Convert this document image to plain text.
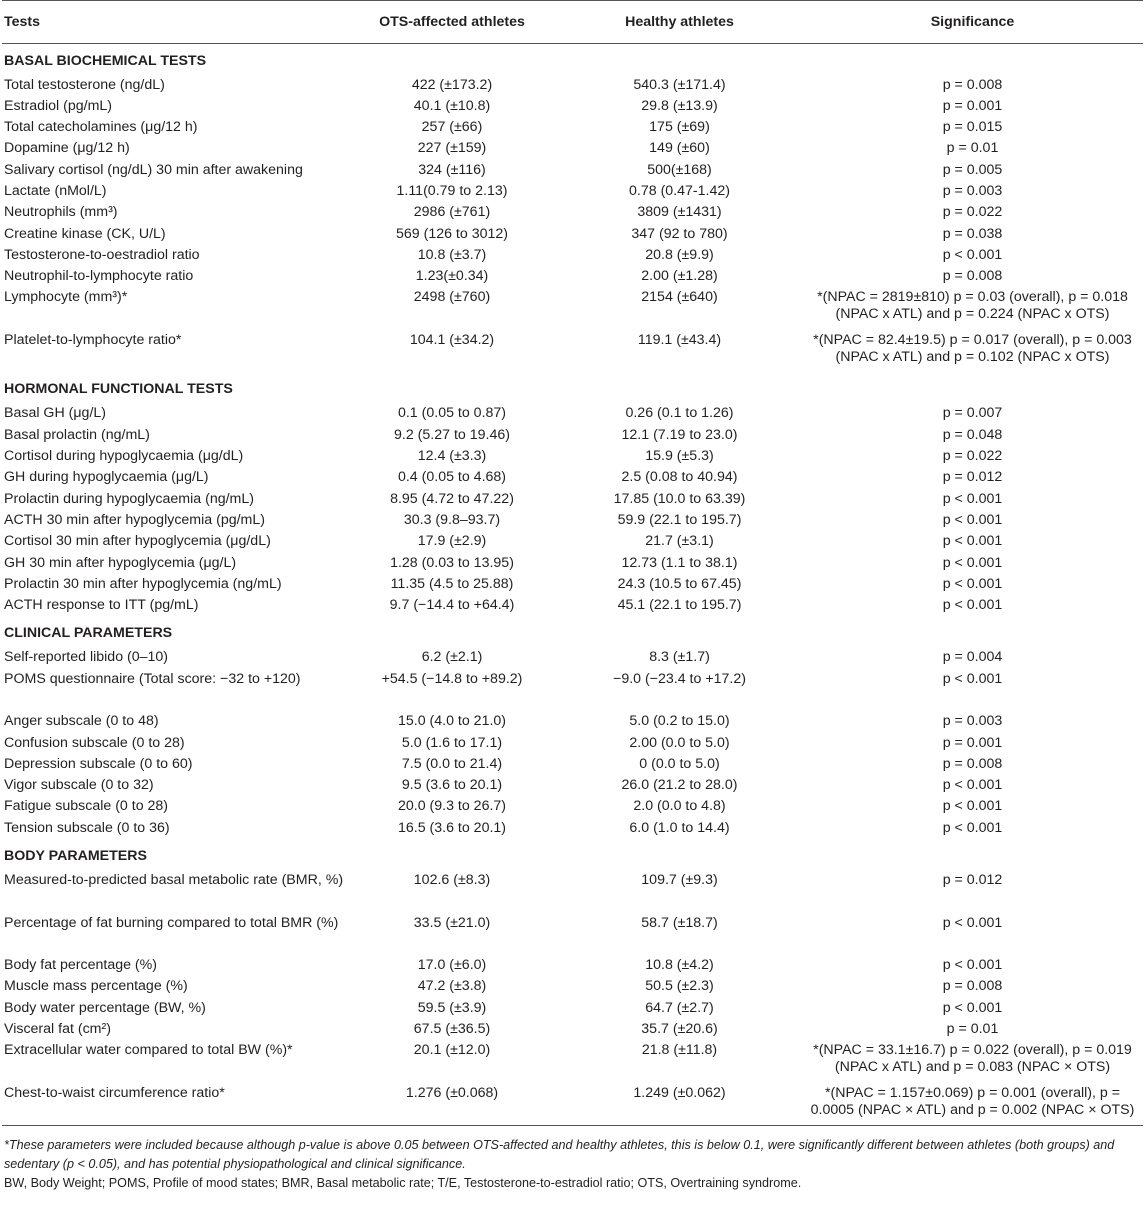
Tests	OTS-affected athletes	Healthy athletes	Significance
BASAL BIOCHEMICAL TESTS			
Total testosterone (ng/dL)	422 (±173.2)	540.3 (±171.4)	p = 0.008
Estradiol (pg/mL)	40.1 (±10.8)	29.8 (±13.9)	p = 0.001
Total catecholamines (μg/12 h)	257 (±66)	175 (±69)	p = 0.015
Dopamine (μg/12 h)	227 (±159)	149 (±60)	p = 0.01
Salivary cortisol (ng/dL) 30 min after awakening	324 (±116)	500(±168)	p = 0.005
Lactate (nMol/L)	1.11(0.79 to 2.13)	0.78 (0.47-1.42)	p = 0.003
Neutrophils (mm³)	2986 (±761)	3809 (±1431)	p = 0.022
Creatine kinase (CK, U/L)	569 (126 to 3012)	347 (92 to 780)	p = 0.038
Testosterone-to-oestradiol ratio	10.8 (±3.7)	20.8 (±9.9)	p < 0.001
Neutrophil-to-lymphocyte ratio	1.23(±0.34)	2.00 (±1.28)	p = 0.008
Lymphocyte (mm³)*	2498 (±760)	2154 (±640)	*(NPAC = 2819±810) p = 0.03 (overall), p = 0.018 (NPAC x ATL) and p = 0.224 (NPAC x OTS)
Platelet-to-lymphocyte ratio*	104.1 (±34.2)	119.1 (±43.4)	*(NPAC = 82.4±19.5) p = 0.017 (overall), p = 0.003 (NPAC x ATL) and p = 0.102 (NPAC x OTS)
HORMONAL FUNCTIONAL TESTS			
Basal GH (μg/L)	0.1 (0.05 to 0.87)	0.26 (0.1 to 1.26)	p = 0.007
Basal prolactin (ng/mL)	9.2 (5.27 to 19.46)	12.1 (7.19 to 23.0)	p = 0.048
Cortisol during hypoglycaemia (μg/dL)	12.4 (±3.3)	15.9 (±5.3)	p = 0.022
GH during hypoglycaemia (μg/L)	0.4 (0.05 to 4.68)	2.5 (0.08 to 40.94)	p = 0.012
Prolactin during hypoglycaemia (ng/mL)	8.95 (4.72 to 47.22)	17.85 (10.0 to 63.39)	p < 0.001
ACTH 30 min after hypoglycemia (pg/mL)	30.3 (9.8–93.7)	59.9 (22.1 to 195.7)	p < 0.001
Cortisol 30 min after hypoglycemia (μg/dL)	17.9 (±2.9)	21.7 (±3.1)	p < 0.001
GH 30 min after hypoglycemia (μg/L)	1.28 (0.03 to 13.95)	12.73 (1.1 to 38.1)	p < 0.001
Prolactin 30 min after hypoglycemia (ng/mL)	11.35 (4.5 to 25.88)	24.3 (10.5 to 67.45)	p < 0.001
ACTH response to ITT (pg/mL)	9.7 (−14.4 to +64.4)	45.1 (22.1 to 195.7)	p < 0.001
CLINICAL PARAMETERS			
Self-reported libido (0–10)	6.2 (±2.1)	8.3 (±1.7)	p = 0.004
POMS questionnaire (Total score: −32 to +120)	+54.5 (−14.8 to +89.2)	−9.0 (−23.4 to +17.2)	p < 0.001
Anger subscale (0 to 48)	15.0 (4.0 to 21.0)	5.0 (0.2 to 15.0)	p = 0.003
Confusion subscale (0 to 28)	5.0 (1.6 to 17.1)	2.00 (0.0 to 5.0)	p = 0.001
Depression subscale (0 to 60)	7.5 (0.0 to 21.4)	0 (0.0 to 5.0)	p = 0.008
Vigor subscale (0 to 32)	9.5 (3.6 to 20.1)	26.0 (21.2 to 28.0)	p < 0.001
Fatigue subscale (0 to 28)	20.0 (9.3 to 26.7)	2.0 (0.0 to 4.8)	p < 0.001
Tension subscale (0 to 36)	16.5 (3.6 to 20.1)	6.0 (1.0 to 14.4)	p < 0.001
BODY PARAMETERS			
Measured-to-predicted basal metabolic rate (BMR, %)	102.6 (±8.3)	109.7 (±9.3)	p = 0.012
Percentage of fat burning compared to total BMR (%)	33.5 (±21.0)	58.7 (±18.7)	p < 0.001
Body fat percentage (%)	17.0 (±6.0)	10.8 (±4.2)	p < 0.001
Muscle mass percentage (%)	47.2 (±3.8)	50.5 (±2.3)	p = 0.008
Body water percentage (BW, %)	59.5 (±3.9)	64.7 (±2.7)	p < 0.001
Visceral fat (cm²)	67.5 (±36.5)	35.7 (±20.6)	p = 0.01
Extracellular water compared to total BW (%)*	20.1 (±12.0)	21.8 (±11.8)	*(NPAC = 33.1±16.7) p = 0.022 (overall), p = 0.019 (NPAC x ATL) and p = 0.083 (NPAC × OTS)
Chest-to-waist circumference ratio*	1.276 (±0.068)	1.249 (±0.062)	*(NPAC = 1.157±0.069) p = 0.001 (overall), p = 0.0005 (NPAC × ATL) and p = 0.002 (NPAC × OTS)
*These parameters were included because although p-value is above 0.05 between OTS-affected and healthy athletes, this is below 0.1, were significantly different between athletes (both groups) and sedentary (p < 0.05), and has potential physiopathological and clinical significance.
BW, Body Weight; POMS, Profile of mood states; BMR, Basal metabolic rate; T/E, Testosterone-to-estradiol ratio; OTS, Overtraining syndrome.
